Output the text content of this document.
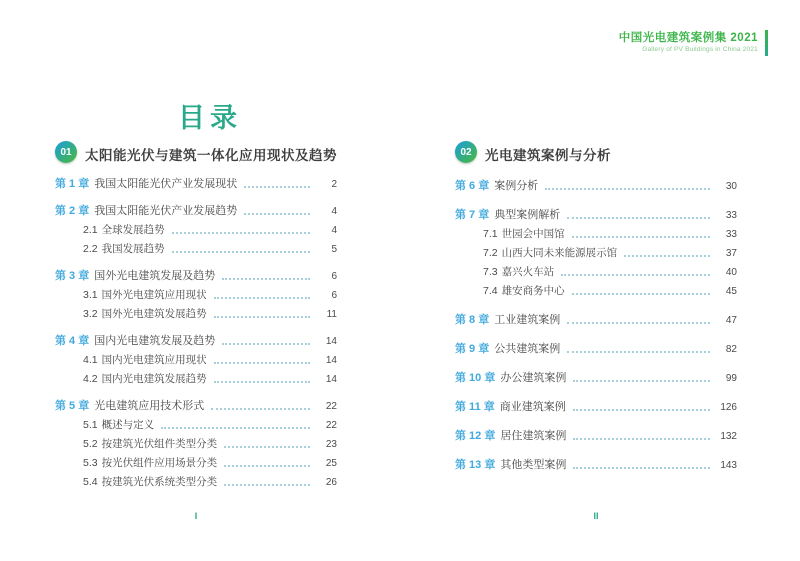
中国光电建筑案例集 2021
Gallery of PV Buildings in China 2021
目录
01 太阳能光伏与建筑一体化应用现状及趋势
第 1 章 我国太阳能光伏产业发展现状	2
第 2 章 我国太阳能光伏产业发展趋势	4
2.1 全球发展趋势	4
2.2 我国发展趋势	5
第 3 章 国外光电建筑发展及趋势	6
3.1 国外光电建筑应用现状	6
3.2 国外光电建筑发展趋势	11
第 4 章 国内光电建筑发展及趋势	14
4.1 国内光电建筑应用现状	14
4.2 国内光电建筑发展趋势	14
第 5 章 光电建筑应用技术形式	22
5.1 概述与定义	22
5.2 按建筑光伏组件类型分类	23
5.3 按光伏组件应用场景分类	25
5.4 按建筑光伏系统类型分类	26
02 光电建筑案例与分析
第 6 章 案例分析	30
第 7 章 典型案例解析	33
7.1 世园会中国馆	33
7.2 山西大同未来能源展示馆	37
7.3 嘉兴火车站	40
7.4 雄安商务中心	45
第 8 章 工业建筑案例	47
第 9 章 公共建筑案例	82
第 10 章 办公建筑案例	99
第 11 章 商业建筑案例	126
第 12 章 居住建筑案例	132
第 13 章 其他类型案例	143
I	II
